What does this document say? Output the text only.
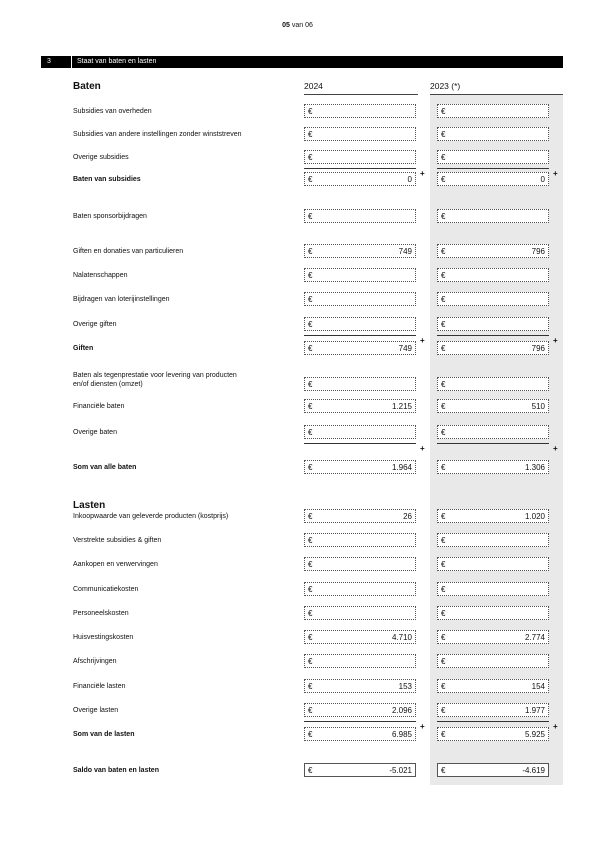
05 van 06
3	Staat van baten en lasten
Baten	2024	2023 (*)
Lasten
Subsidies van overheden	€	€
Subsidies van andere instellingen zonder winststreven	€	€
Overige subsidies	€	€
+	+
Baten van subsidies	€	0	€	0
Baten sponsorbijdragen	€	€
Giften en donaties van particulieren	€	749	€	796
Nalatenschappen	€	€
Bijdragen van loterijinstellingen	€	€
Overige giften	€	€
+	+
Giften	€	749	€	796
Baten als tegenprestatie voor levering van producten
en/of diensten (omzet)	€	€
Financiële baten	€	1.215	€	510
Overige baten	€	€
+	+
Som van alle baten	€	1.964	€	1.306
Inkoopwaarde van geleverde producten (kostprijs)	€	26	€	1.020
Verstrekte subsidies & giften	€	€
Aankopen en verwervingen	€	€
Communicatiekosten	€	€
Personeelskosten	€	€
Huisvestingskosten	€	4.710	€	2.774
Afschrijvingen	€	€
Financiële lasten	€	153	€	154
Overige lasten	€	2.096	€	1.977
+	+
Som van de lasten	€	6.985	€	5.925
Saldo van baten en lasten	€	-5.021	€	-4.619
